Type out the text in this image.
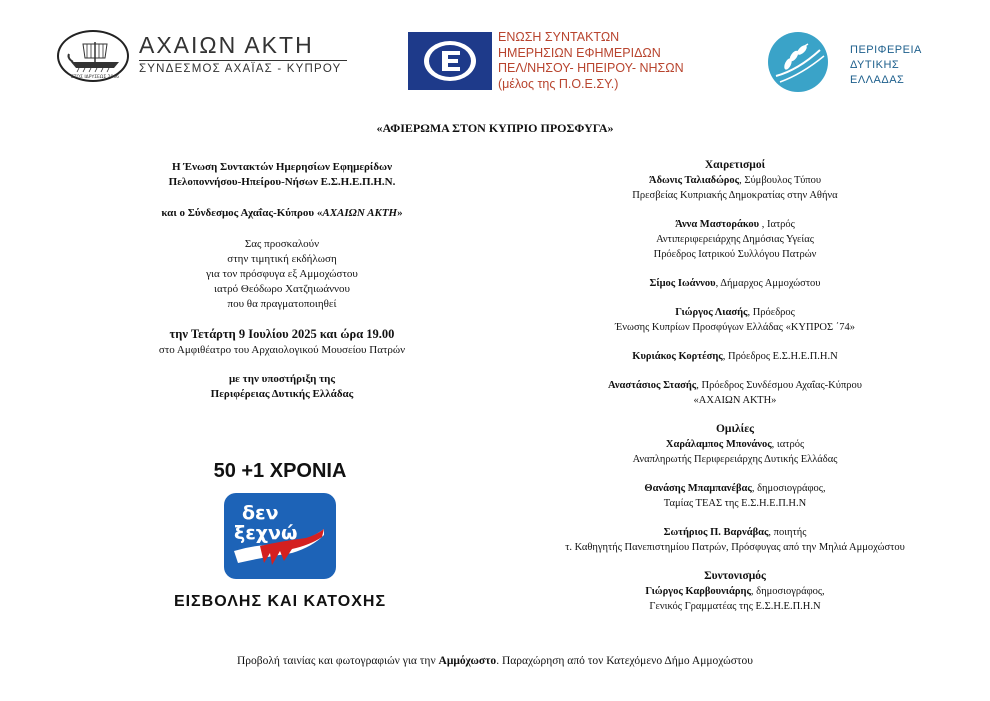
ΕΤΟΣ ΙΔΡΥΣΕΩΣ 2006
ΑΧΑΙΩΝ ΑΚΤΗ
ΣΥΝΔΕΣΜΟΣ ΑΧΑΪΑΣ - ΚΥΠΡΟΥ
ΕΝΩΣΗ ΣΥΝΤΑΚΤΩΝ
ΗΜΕΡΗΣΙΩΝ ΕΦΗΜΕΡΙΔΩΝ
ΠΕΛ/ΝΗΣΟΥ- ΗΠΕΙΡΟΥ- ΝΗΣΩΝ
(μέλος της Π.Ο.Ε.ΣΥ.)
ΠΕΡΙΦΕΡΕΙΑ
ΔΥΤΙΚΗΣ
ΕΛΛΑΔΑΣ
«ΑΦΙΕΡΩΜΑ ΣΤΟΝ ΚΥΠΡΙΟ ΠΡΟΣΦΥΓΑ»

Η Ένωση Συντακτών Ημερησίων Εφημερίδων

Πελοποννήσου-Ηπείρου-Νήσων Ε.Σ.Η.Ε.Π.Η.Ν.

και ο Σύνδεσμος Αχαΐας-Κύπρου «ΑΧΑΙΩΝ ΑΚΤΗ»

Σας προσκαλούν

στην τιμητική εκδήλωση

για τον πρόσφυγα εξ Αμμοχώστου

ιατρό Θεόδωρο Χατζηιωάννου

που θα πραγματοποιηθεί

την Τετάρτη 9 Ιουλίου 2025 και ώρα 19.00

στο Αμφιθέατρο του Αρχαιολογικού Μουσείου Πατρών

με την υποστήριξη της

Περιφέρειας Δυτικής Ελλάδας

50 +1 ΧΡΟΝΙΑ
δεν
ξεχνώ
ΕΙΣΒΟΛΗΣ ΚΑΙ ΚΑΤΟΧΗΣ

Χαιρετισμοί

Άδωνις Ταλιαδώρος, Σύμβουλος Τύπου

Πρεσβείας Κυπριακής Δημοκρατίας στην Αθήνα

Άννα Μαστοράκου , Ιατρός

Αντιπεριφερειάρχης Δημόσιας Υγείας

Πρόεδρος Ιατρικού Συλλόγου Πατρών

Σίμος Ιωάννου, Δήμαρχος Αμμοχώστου

Γιώργος Λιασής, Πρόεδρος

Ένωσης Κυπρίων Προσφύγων Ελλάδας «ΚΥΠΡΟΣ ΄74»

Κυριάκος Κορτέσης, Πρόεδρος Ε.Σ.Η.Ε.Π.Η.Ν

Αναστάσιος Στασής, Πρόεδρος Συνδέσμου Αχαΐας-Κύπρου

«ΑΧΑΙΩΝ ΑΚΤΗ»

Ομιλίες

Χαράλαμπος Μπονάνος, ιατρός

Αναπληρωτής Περιφερειάρχης Δυτικής Ελλάδας

Θανάσης Μπαμπανέβας, δημοσιογράφος,

Ταμίας ΤΕΑΣ της Ε.Σ.Η.Ε.Π.Η.Ν

Σωτήριος Π. Βαρνάβας, ποιητής

τ. Καθηγητής Πανεπιστημίου Πατρών, Πρόσφυγας από την Μηλιά Αμμοχώστου

Συντονισμός

Γιώργος Καρβουνιάρης, δημοσιογράφος,

Γενικός Γραμματέας της Ε.Σ.Η.Ε.Π.Η.Ν

Προβολή ταινίας και φωτογραφιών για την Αμμόχωστο. Παραχώρηση από τον Κατεχόμενο Δήμο Αμμοχώστου
